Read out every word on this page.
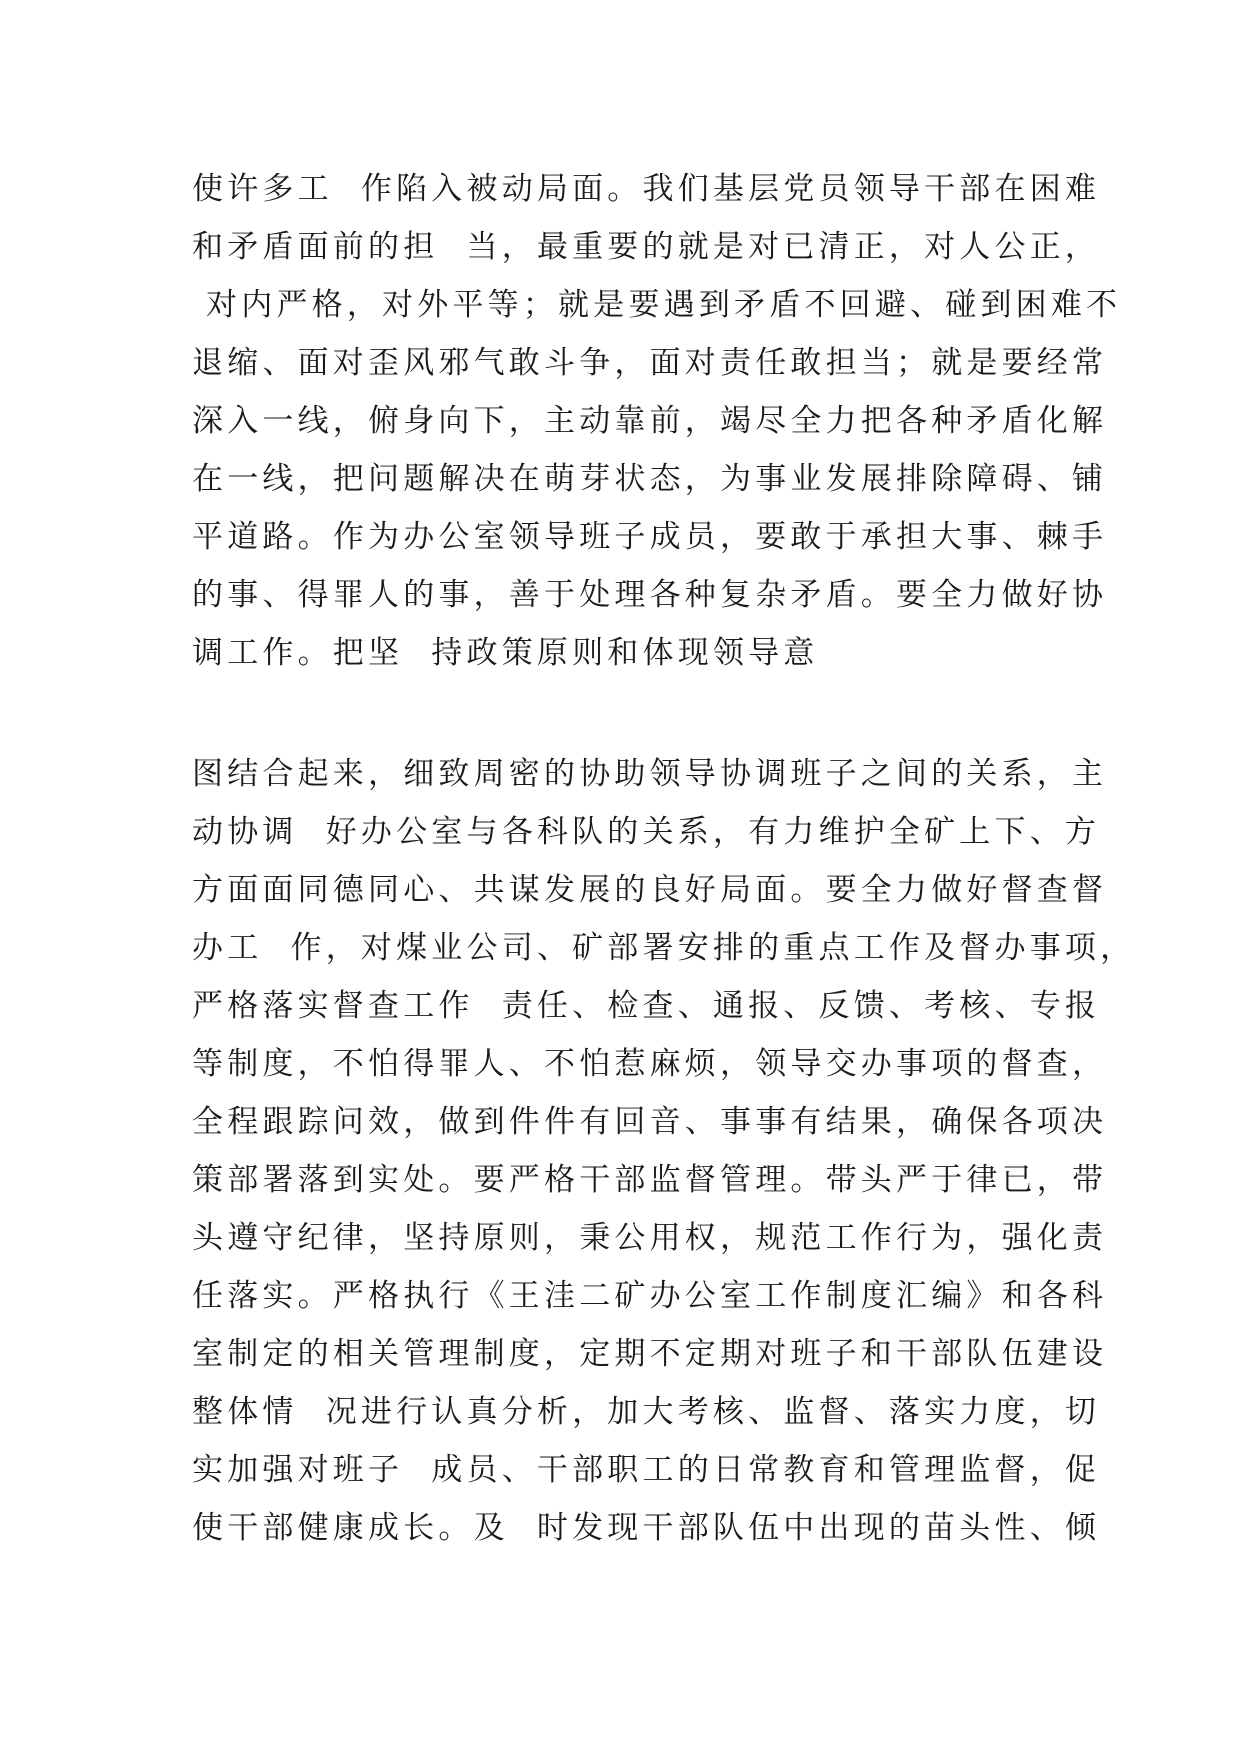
使许多工  作陷入被动局面。我们基层党员领导干部在困难
和矛盾面前的担  当，最重要的就是对已清正，对人公正，
对内严格，对外平等；就是要遇到矛盾不回避、碰到困难不
退缩、面对歪风邪气敢斗争，面对责任敢担当；就是要经常
深入一线，俯身向下，主动靠前，竭尽全力把各种矛盾化解
在一线，把问题解决在萌芽状态，为事业发展排除障碍、铺
平道路。作为办公室领导班子成员，要敢于承担大事、棘手
的事、得罪人的事，善于处理各种复杂矛盾。要全力做好协
调工作。把坚  持政策原则和体现领导意
图结合起来，细致周密的协助领导协调班子之间的关系，主
动协调  好办公室与各科队的关系，有力维护全矿上下、方
方面面同德同心、共谋发展的良好局面。要全力做好督查督
办工  作，对煤业公司、矿部署安排的重点工作及督办事项，
严格落实督查工作  责任、检查、通报、反馈、考核、专报
等制度，不怕得罪人、不怕惹麻烦，领导交办事项的督查，
全程跟踪问效，做到件件有回音、事事有结果，确保各项决
策部署落到实处。要严格干部监督管理。带头严于律已，带
头遵守纪律，坚持原则，秉公用权，规范工作行为，强化责
任落实。严格执行《王洼二矿办公室工作制度汇编》和各科
室制定的相关管理制度，定期不定期对班子和干部队伍建设
整体情  况进行认真分析，加大考核、监督、落实力度，切
实加强对班子  成员、干部职工的日常教育和管理监督，促
使干部健康成长。及  时发现干部队伍中出现的苗头性、倾
